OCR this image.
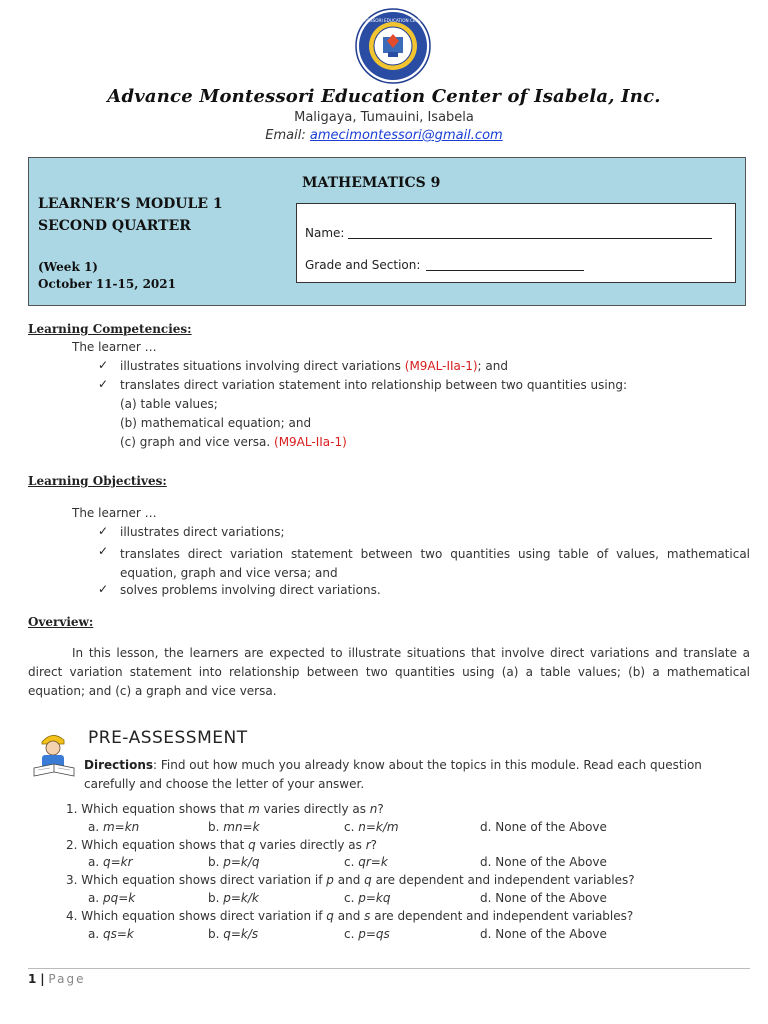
ADVANCE MONTESSORI EDUCATION CENTER OF ISABELA
Advance Montessori Education Center of Isabela, Inc.
Maligaya, Tumauini, Isabela
Email: amecimontessori@gmail.com
LEARNER’S MODULE 1
SECOND QUARTER
(Week 1)
October 11-15, 2021
MATHEMATICS 9
Name:
Grade and Section:
Learning Competencies:
The learner …
✓ illustrates situations involving direct variations (M9AL-IIa-1); and
✓ translates direct variation statement into relationship between two quantities using:
(a) table values;
(b) mathematical equation; and
(c) graph and vice versa. (M9AL-IIa-1)
Learning Objectives:
The learner …
✓ illustrates direct variations;
✓ translates direct variation statement between two quantities using table of values, mathematical equation, graph and vice versa; and
✓ solves problems involving direct variations.
Overview:
In this lesson, the learners are expected to illustrate situations that involve direct variations and translate a direct variation statement into relationship between two quantities using (a) a table values; (b) a mathematical equation; and (c) a graph and vice versa.
PRE-ASSESSMENT
Directions: Find out how much you already know about the topics in this module. Read each question carefully and choose the letter of your answer.
1. Which equation shows that m varies directly as n?
a. m=kn	b. mn=k	c. n=k/m	d. None of the Above
2. Which equation shows that q varies directly as r?
a. q=kr	b. p=k/q	c. qr=k	d. None of the Above
3. Which equation shows direct variation if p and q are dependent and independent variables?
a. pq=k	b. p=k/k	c. p=kq	d. None of the Above
4. Which equation shows direct variation if q and s are dependent and independent variables?
a. qs=k	b. q=k/s	c. p=qs	d. None of the Above
1 | Page
